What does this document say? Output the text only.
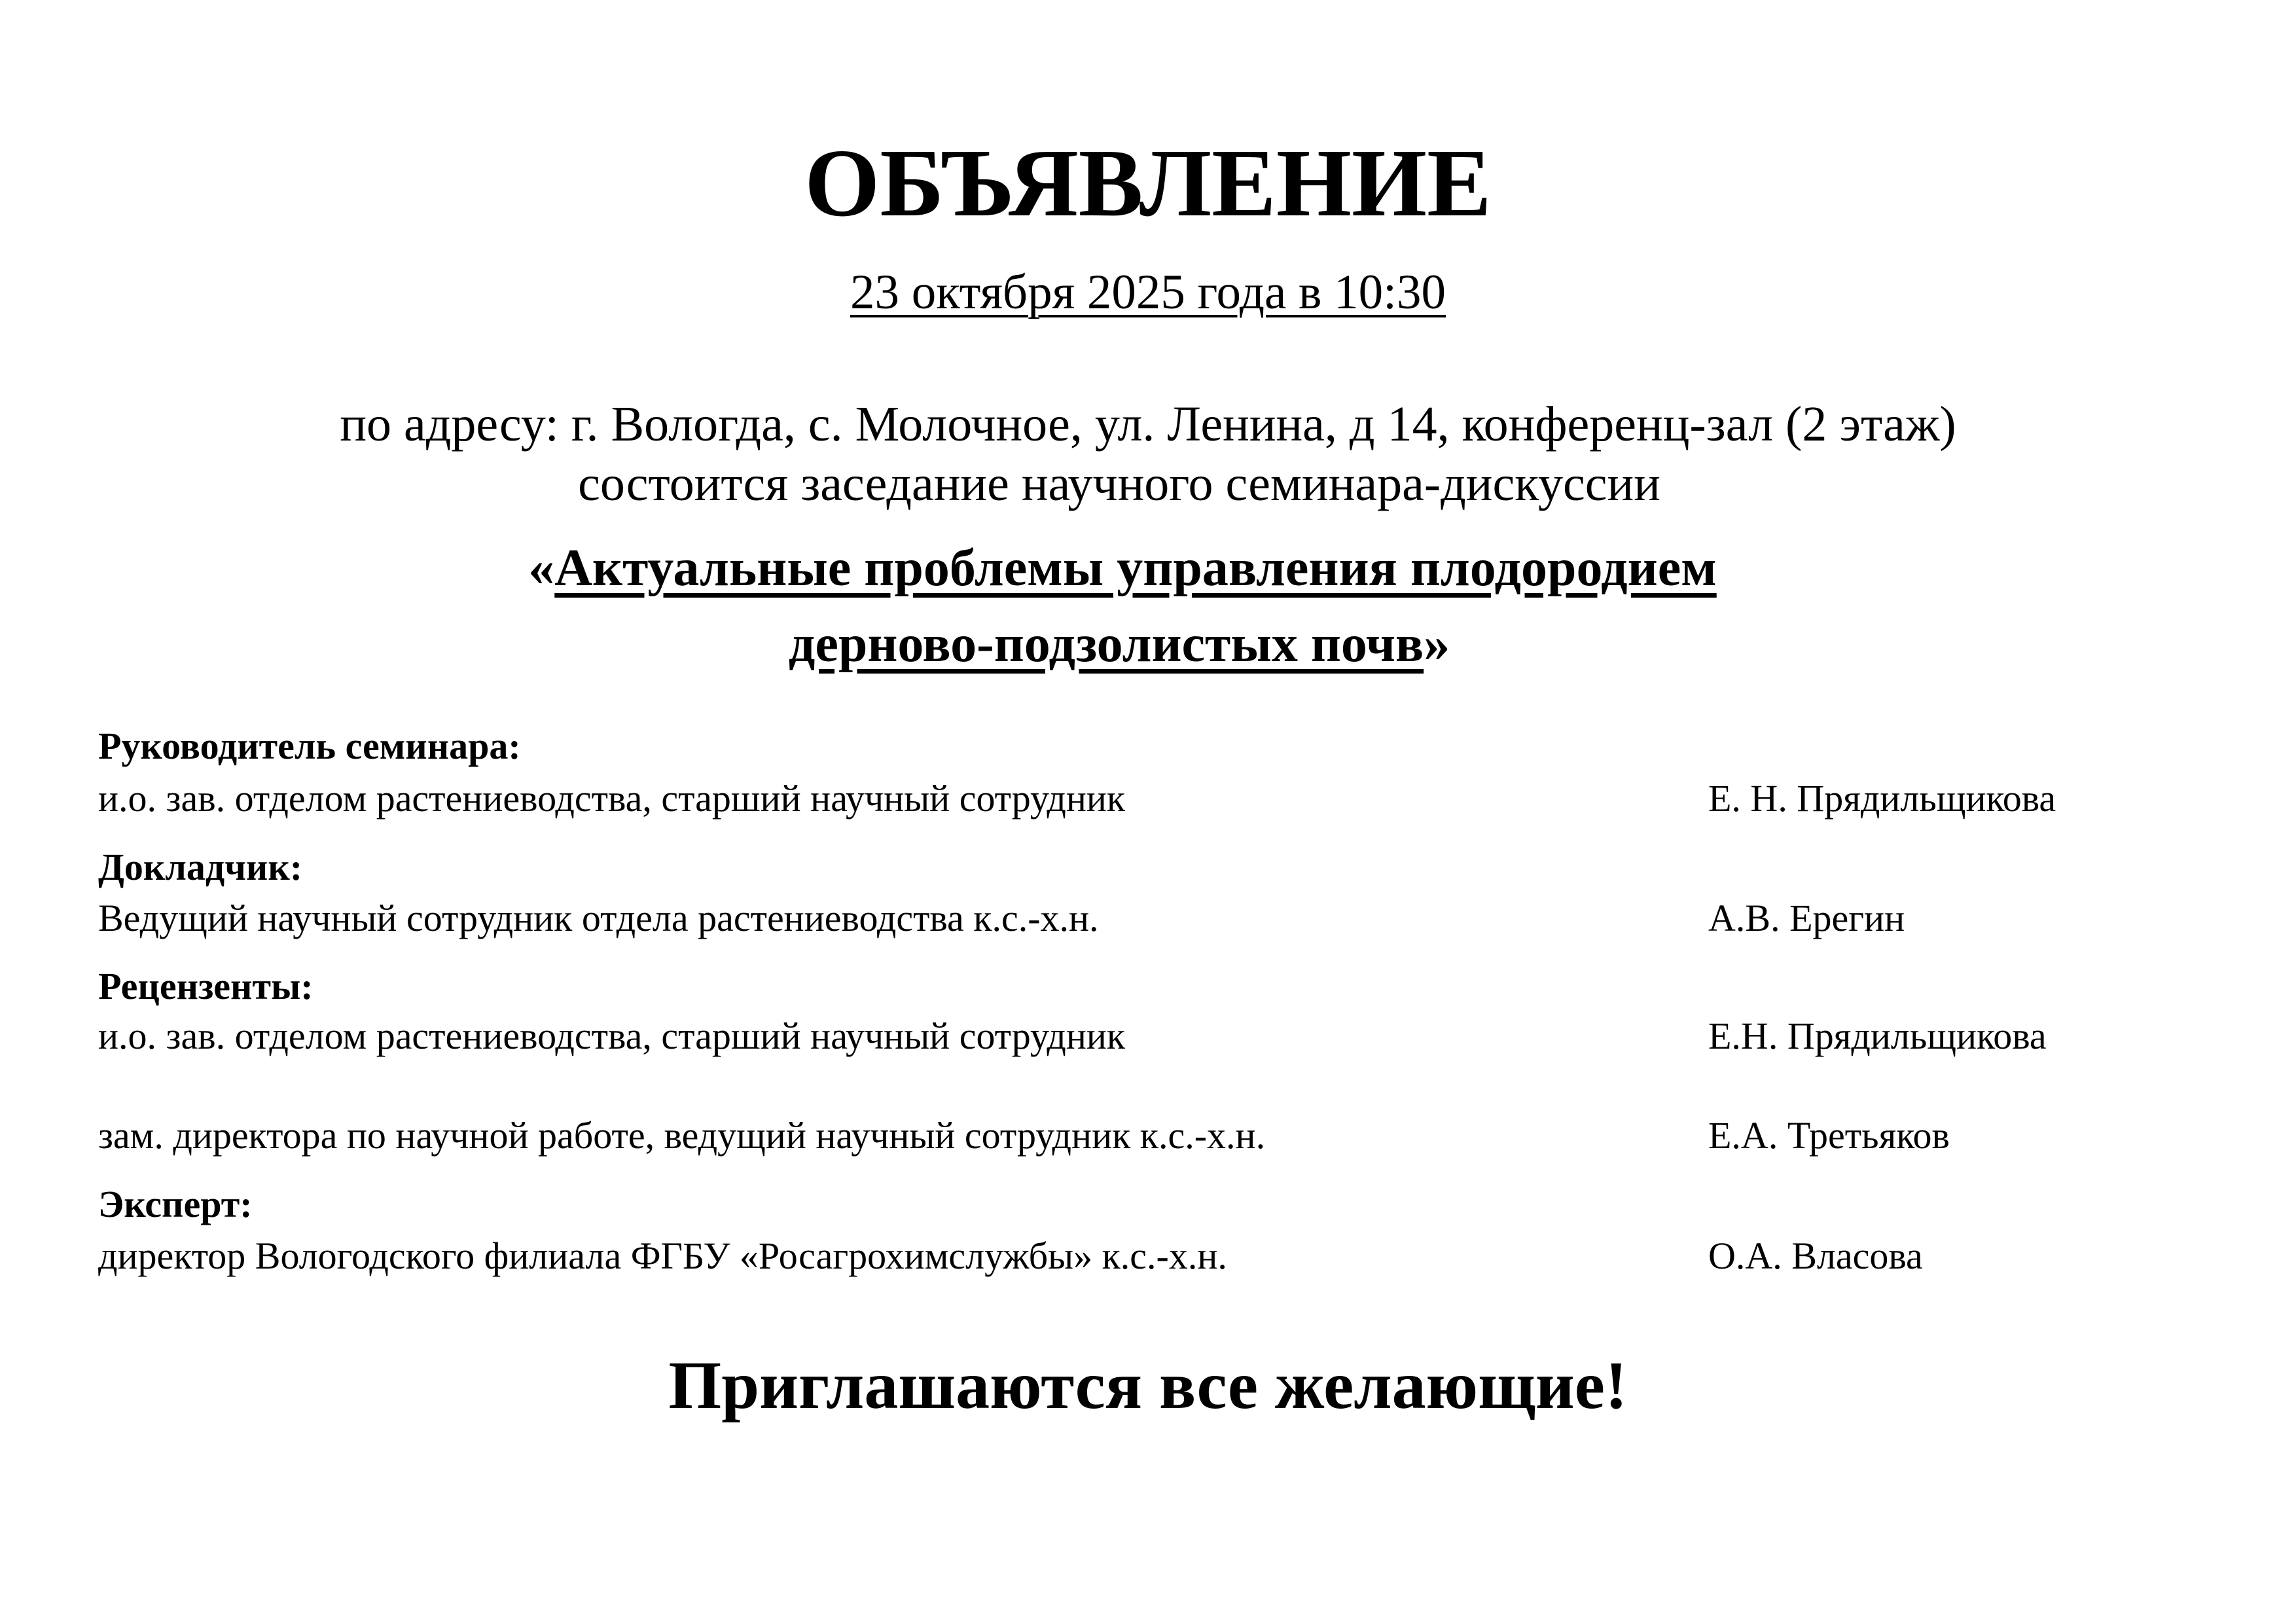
ОБЪЯВЛЕНИЕ
23 октября 2025 года в 10:30
по адресу: г. Вологда, с. Молочное, ул. Ленина, д 14, конференц-зал (2 этаж)
состоится заседание научного семинара-дискуссии
«Актуальные проблемы управления плодородием
дерново-подзолистых почв»
Руководитель семинара:
и.о. зав. отделом растениеводства, старший научный сотрудник	Е. Н. Прядильщикова
Докладчик:
Ведущий научный сотрудник отдела растениеводства к.с.-х.н.	А.В. Ерегин
Рецензенты:
и.о. зав. отделом растениеводства, старший научный сотрудник	Е.Н. Прядильщикова
зам. директора по научной работе, ведущий научный сотрудник к.с.-х.н.	Е.А. Третьяков
Эксперт:
директор Вологодского филиала ФГБУ «Росагрохимслужбы» к.с.-х.н.	О.А. Власова
Приглашаются все желающие!
